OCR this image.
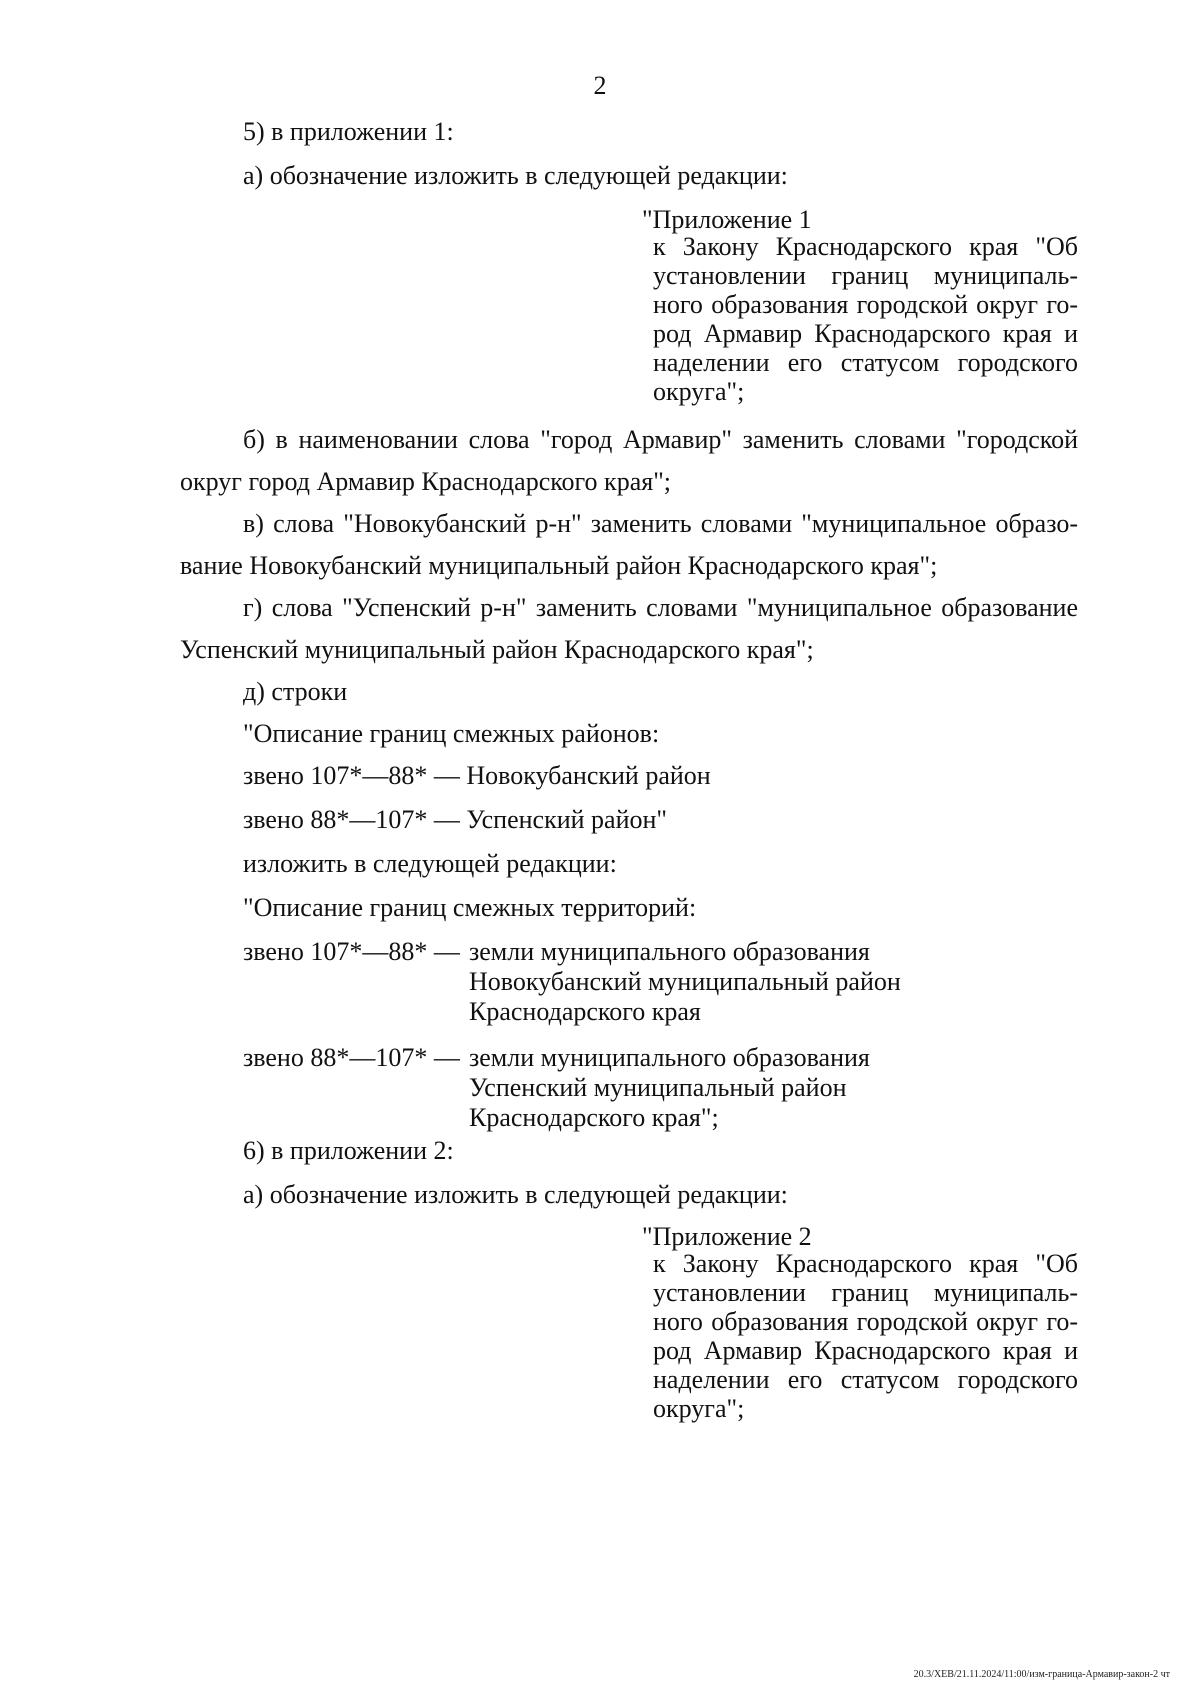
2
5) в приложении 1:
а) обозначение изложить в следующей редакции:
"Приложение 1
к Закону Краснодарского края "Об
установлении границ муниципаль-
ного образования городской округ го-
род Армавир Краснодарского края и
наделении его статусом городского
округа";
б) в наименовании слова "город Армавир" заменить словами "городской
округ город Армавир Краснодарского края";
в) слова "Новокубанский р-н" заменить словами "муниципальное образо-
вание Новокубанский муниципальный район Краснодарского края";
г) слова "Успенский р-н" заменить словами "муниципальное образование
Успенский муниципальный район Краснодарского края";
д) строки
"Описание границ смежных районов:
звено 107*—88* — Новокубанский район
звено 88*—107* — Успенский район"
изложить в следующей редакции:
"Описание границ смежных территорий:
звено 107*—88* — земли муниципального образования
Новокубанский муниципальный район
Краснодарского края
звено 88*—107* — земли муниципального образования
Успенский муниципальный район
Краснодарского края";
6) в приложении 2:
а) обозначение изложить в следующей редакции:
"Приложение 2
к Закону Краснодарского края "Об
установлении границ муниципаль-
ного образования городской округ го-
род Армавир Краснодарского края и
наделении его статусом городского
округа";
20.3/ХЕВ/21.11.2024/11:00/изм-граница-Армавир-закон-2 чт
